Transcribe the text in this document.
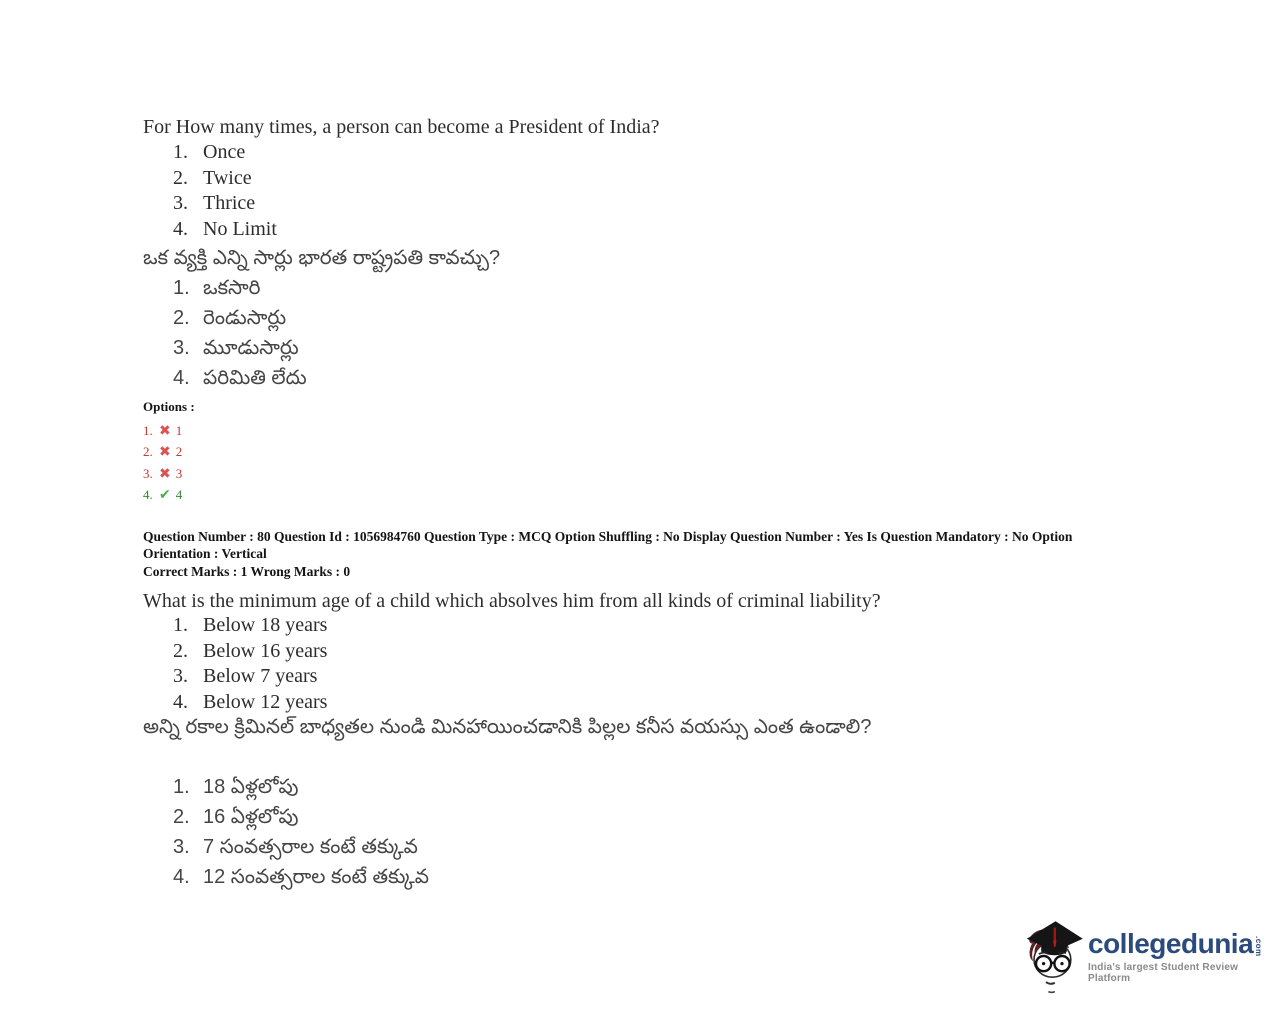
For How many times, a person can become a President of India?
1. Once
2. Twice
3. Thrice
4. No Limit
ఒక వ్యక్తి ఎన్ని సార్లు భారత రాష్ట్రపతి కావచ్చు?
1. ఒకసారి
2. రెండుసార్లు
3. మూడుసార్లు
4. పరిమితి లేదు
Options :
1. ✖ 1
2. ✖ 2
3. ✖ 3
4. ✔ 4
Question Number : 80 Question Id : 1056984760 Question Type : MCQ Option Shuffling : No Display Question Number : Yes Is Question Mandatory : No Option
Orientation : Vertical
Correct Marks : 1 Wrong Marks : 0
What is the minimum age of a child which absolves him from all kinds of criminal liability?
1. Below 18 years
2. Below 16 years
3. Below 7 years
4. Below 12 years
అన్ని రకాల క్రిమినల్ బాధ్యతల నుండి మినహాయించడానికి పిల్లల కనీస వయస్సు ఎంత ఉండాలి?
1. 18 ఏళ్లలోపు
2. 16 ఏళ్లలోపు
3. 7 సంవత్సరాల కంటే తక్కువ
4. 12 సంవత్సరాల కంటే తక్కువ
collegedunia .com
India's largest Student Review Platform
